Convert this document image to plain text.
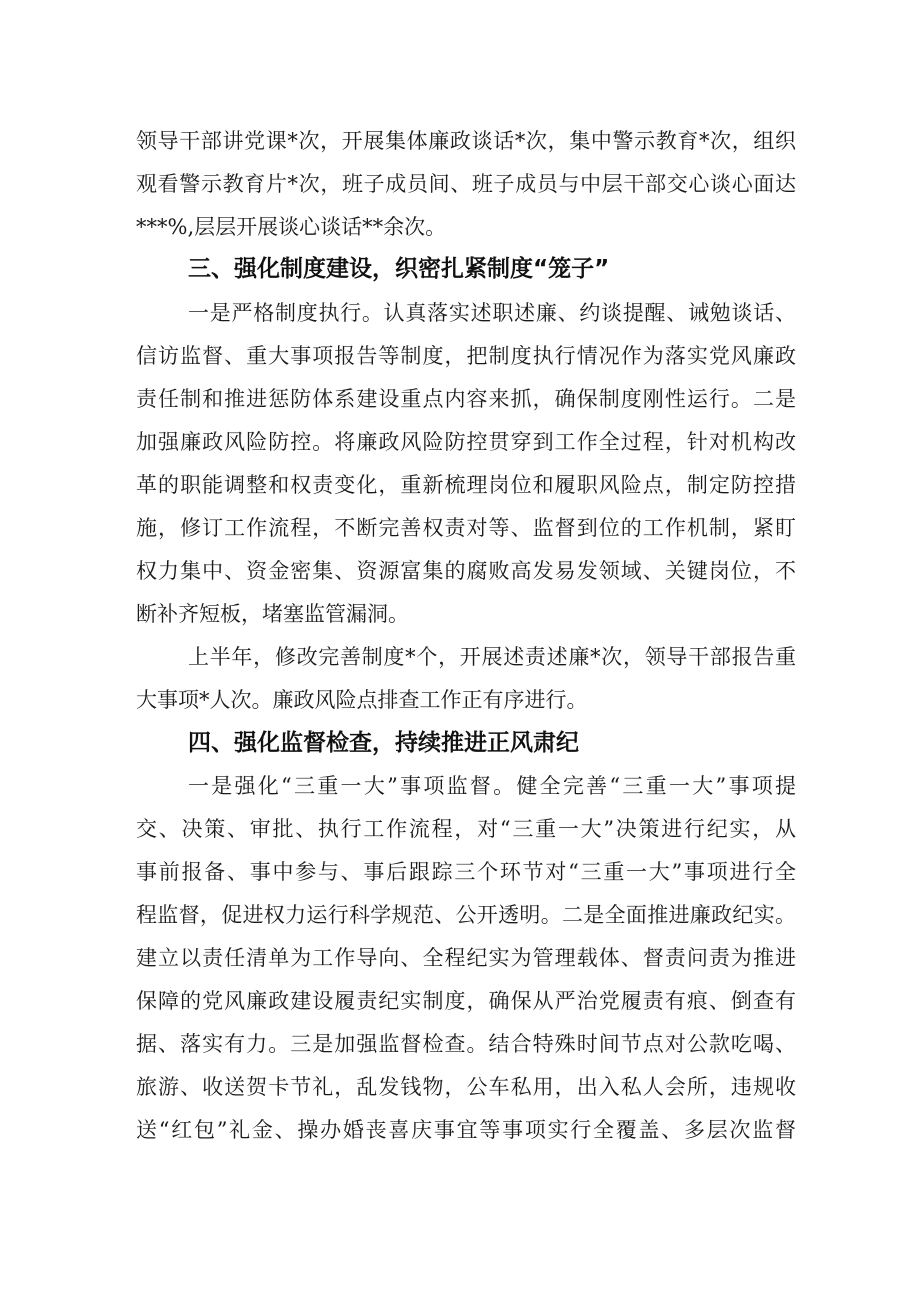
领导干部讲党课*次，开展集体廉政谈话*次，集中警示教育*次，组织
观看警示教育片*次，班子成员间、班子成员与中层干部交心谈心面达
***%,层层开展谈心谈话**余次。
三、强化制度建设，织密扎紧制度“笼子”
一是严格制度执行。认真落实述职述廉、约谈提醒、诫勉谈话、
信访监督、重大事项报告等制度，把制度执行情况作为落实党风廉政
责任制和推进惩防体系建设重点内容来抓，确保制度刚性运行。二是
加强廉政风险防控。将廉政风险防控贯穿到工作全过程，针对机构改
革的职能调整和权责变化，重新梳理岗位和履职风险点，制定防控措
施，修订工作流程，不断完善权责对等、监督到位的工作机制，紧盯
权力集中、资金密集、资源富集的腐败高发易发领域、关键岗位，不
断补齐短板，堵塞监管漏洞。
上半年，修改完善制度*个，开展述责述廉*次，领导干部报告重
大事项*人次。廉政风险点排查工作正有序进行。
四、强化监督检查，持续推进正风肃纪
一是强化“三重一大”事项监督。健全完善“三重一大”事项提
交、决策、审批、执行工作流程，对“三重一大”决策进行纪实，从
事前报备、事中参与、事后跟踪三个环节对“三重一大”事项进行全
程监督，促进权力运行科学规范、公开透明。二是全面推进廉政纪实。
建立以责任清单为工作导向、全程纪实为管理载体、督责问责为推进
保障的党风廉政建设履责纪实制度，确保从严治党履责有痕、倒查有
据、落实有力。三是加强监督检查。结合特殊时间节点对公款吃喝、
旅游、收送贺卡节礼，乱发钱物，公车私用，出入私人会所，违规收
送“红包”礼金、操办婚丧喜庆事宜等事项实行全覆盖、多层次监督
